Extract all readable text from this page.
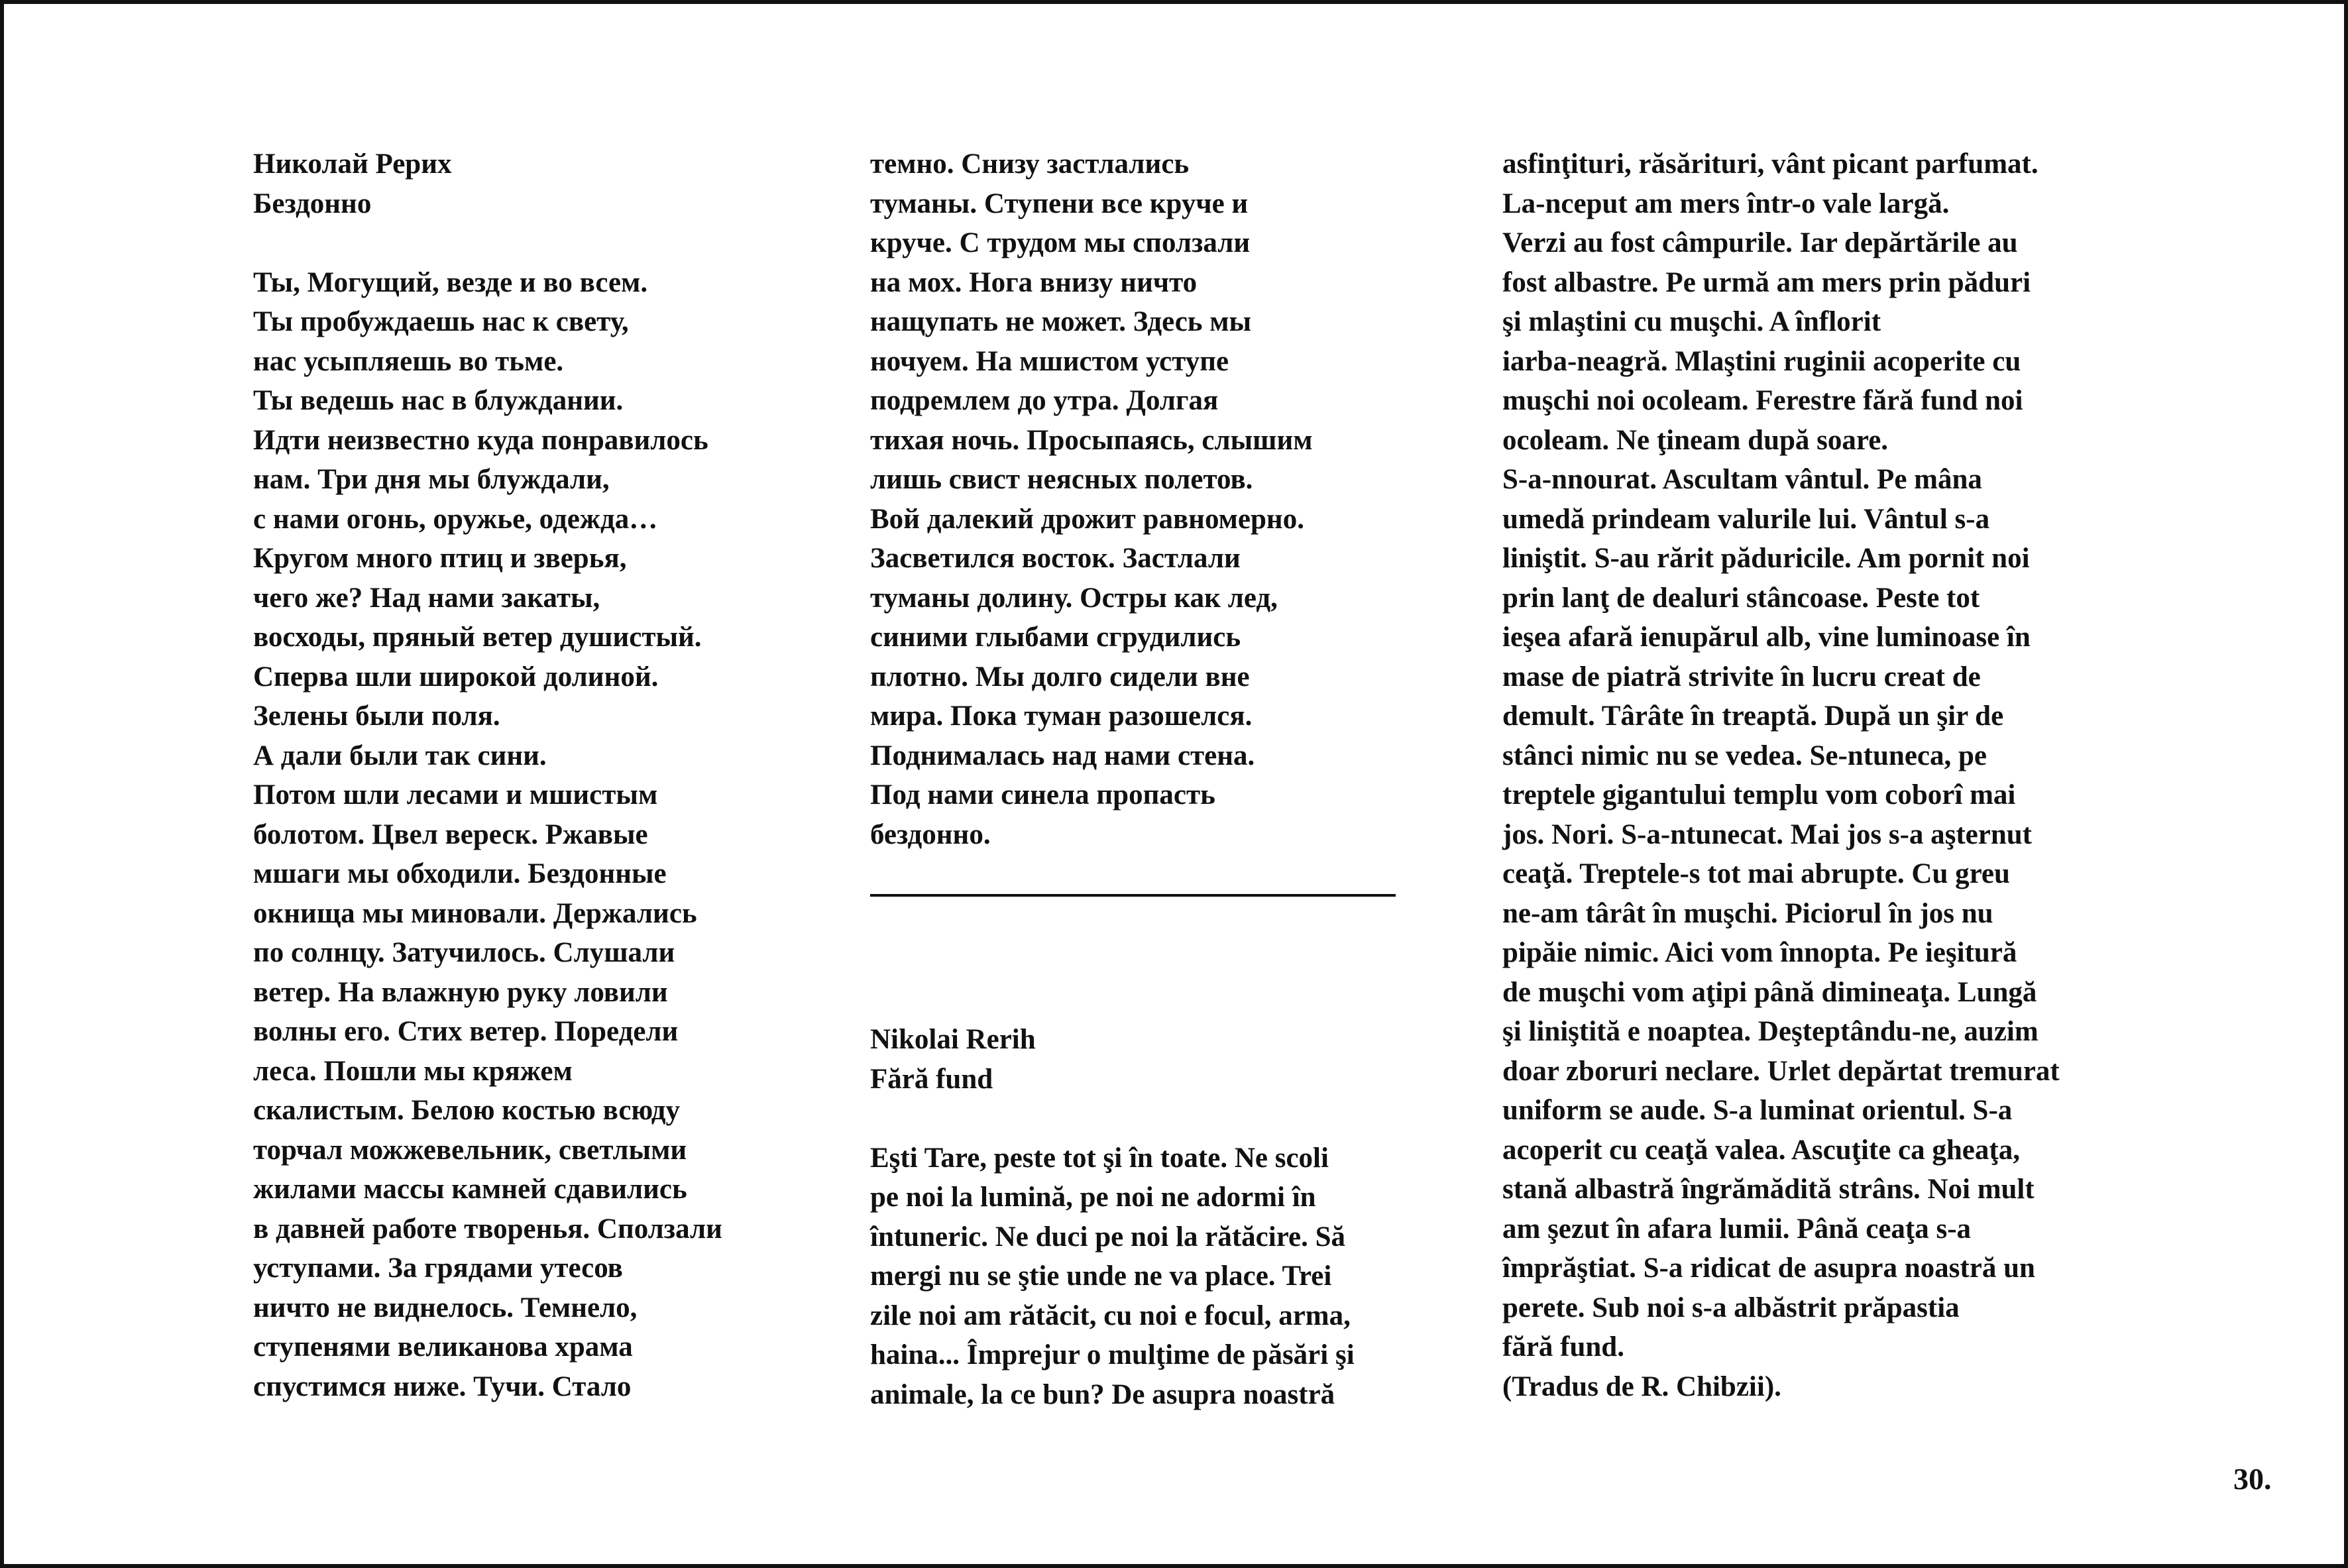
Николай Рерих
Бездонно
Ты, Могущий, везде и во всем.
Ты пробуждаешь нас к свету,
нас усыпляешь во тьме.
Ты ведешь нас в блуждании.
Идти неизвестно куда понравилось
нам. Три дня мы блуждали,
с нами огонь, оружье, одежда…
Кругом много птиц и зверья,
чего же? Над нами закаты,
восходы, пряный ветер душистый.
Сперва шли широкой долиной.
Зелены были поля.
А дали были так сини.
Потом шли лесами и мшистым
болотом. Цвел вереск. Ржавые
мшаги мы обходили. Бездонные
окнища мы миновали. Держались
по солнцу. Затучилось. Слушали
ветер. На влажную руку ловили
волны его. Стих ветер. Поредели
леса. Пошли мы кряжем
скалистым. Белою костью всюду
торчал можжевельник, светлыми
жилами массы камней сдавились
в давней работе творенья. Сползали
уступами. За грядами утесов
ничто не виднелось. Темнело,
ступенями великанова храма
спустимся ниже. Тучи. Стало
темно. Снизу застлались
туманы. Ступени все круче и
круче. С трудом мы сползали
на мох. Нога внизу ничто
нащупать не может. Здесь мы
ночуем. На мшистом уступе
подремлем до утра. Долгая
тихая ночь. Просыпаясь, слышим
лишь свист неясных полетов.
Вой далекий дрожит равномерно.
Засветился восток. Застлали
туманы долину. Остры как лед,
синими глыбами сгрудились
плотно. Мы долго сидели вне
мира. Пока туман разошелся.
Поднималась над нами стена.
Под нами синела пропасть
бездонно.
Nikolai Rerih
Fără fund
Eşti Tare, peste tot şi în toate. Ne scoli
pe noi la lumină, pe noi ne adormi în
întuneric. Ne duci pe noi la rătăcire. Să
mergi nu se ştie unde ne va place. Trei
zile noi am rătăcit, cu noi e focul, arma,
haina... Împrejur o mulţime de păsări şi
animale, la ce bun? De asupra noastră
asfinţituri, răsărituri, vânt picant parfumat.
La-nceput am mers într-o vale largă.
Verzi au fost câmpurile. Iar depărtările au
fost albastre. Pe urmă am mers prin păduri
şi mlaştini cu muşchi. A înflorit
iarba-neagră. Mlaştini ruginii acoperite cu
muşchi noi ocoleam. Ferestre fără fund noi
ocoleam. Ne ţineam după soare.
S-a-nnourat. Ascultam vântul. Pe mâna
umedă prindeam valurile lui. Vântul s-a
liniştit. S-au rărit păduricile. Am pornit noi
prin lanţ de dealuri stâncoase. Peste tot
ieşea afară ienupărul alb, vine luminoase în
mase de piatră strivite în lucru creat de
demult. Târâte în treaptă. După un şir de
stânci nimic nu se vedea. Se-ntuneca, pe
treptele gigantului templu vom coborî mai
jos. Nori. S-a-ntunecat. Mai jos s-a aşternut
ceaţă. Treptele-s tot mai abrupte. Cu greu
ne-am târât în muşchi. Piciorul în jos nu
pipăie nimic. Aici vom înnopta. Pe ieşitură
de muşchi vom aţipi până dimineaţa. Lungă
şi liniştită e noaptea. Deşteptându-ne, auzim
doar zboruri neclare. Urlet depărtat tremurat
uniform se aude. S-a luminat orientul. S-a
acoperit cu ceaţă valea. Ascuţite ca gheaţa,
stană albastră îngrămădită strâns. Noi mult
am şezut în afara lumii. Până ceaţa s-a
împrăştiat. S-a ridicat de asupra noastră un
perete. Sub noi s-a albăstrit prăpastia
fără fund.
(Tradus de R. Chibzii).
30.
